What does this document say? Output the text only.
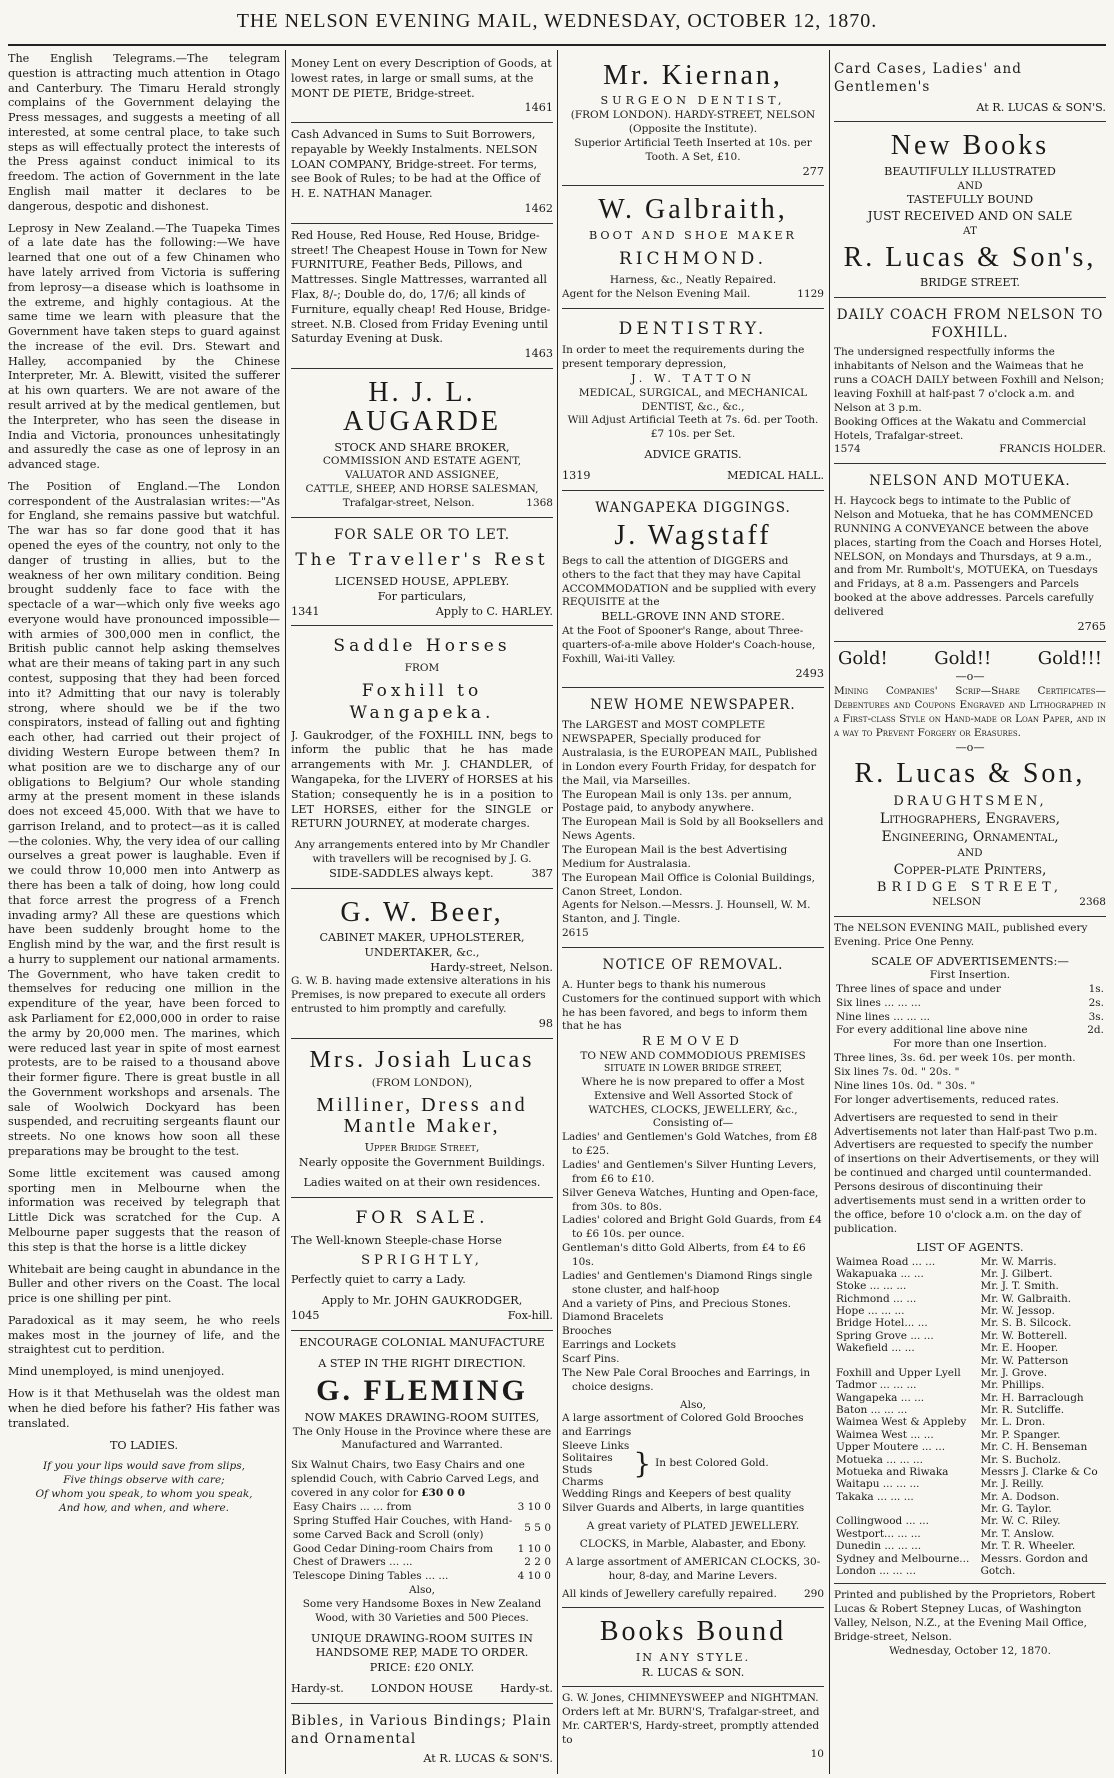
THE NELSON EVENING MAIL, WEDNESDAY, OCTOBER 12, 1870.

The English Telegrams.—The telegram question is attracting much attention in Otago and Canterbury. The Timaru Herald strongly complains of the Government delaying the Press messages, and suggests a meeting of all interested, at some central place, to take such steps as will effectually protect the interests of the Press against conduct inimical to its freedom. The action of Government in the late English mail matter it declares to be dangerous, despotic and dishonest.

Leprosy in New Zealand.—The Tuapeka Times of a late date has the following:—We have learned that one out of a few Chinamen who have lately arrived from Victoria is suffering from leprosy—a disease which is loathsome in the extreme, and highly contagious. At the same time we learn with pleasure that the Government have taken steps to guard against the increase of the evil. Drs. Stewart and Halley, accompanied by the Chinese Interpreter, Mr. A. Blewitt, visited the sufferer at his own quarters. We are not aware of the result arrived at by the medical gentlemen, but the Interpreter, who has seen the disease in India and Victoria, pronounces unhesitatingly and assuredly the case as one of leprosy in an advanced stage.

The Position of England.—The London correspondent of the Australasian writes:—"As for England, she remains passive but watchful. The war has so far done good that it has opened the eyes of the country, not only to the danger of trusting in allies, but to the weakness of her own military condition. Being brought suddenly face to face with the spectacle of a war—which only five weeks ago everyone would have pronounced impossible—with armies of 300,000 men in conflict, the British public cannot help asking themselves what are their means of taking part in any such contest, supposing that they had been forced into it? Admitting that our navy is tolerably strong, where should we be if the two conspirators, instead of falling out and fighting each other, had carried out their project of dividing Western Europe between them? In what position are we to discharge any of our obligations to Belgium? Our whole standing army at the present moment in these islands does not exceed 45,000. With that we have to garrison Ireland, and to protect—as it is called—the colonies. Why, the very idea of our calling ourselves a great power is laughable. Even if we could throw 10,000 men into Antwerp as there has been a talk of doing, how long could that force arrest the progress of a French invading army? All these are questions which have been suddenly brought home to the English mind by the war, and the first result is a hurry to supplement our national armaments. The Government, who have taken credit to themselves for reducing one million in the expenditure of the year, have been forced to ask Parliament for £2,000,000 in order to raise the army by 20,000 men. The marines, which were reduced last year in spite of most earnest protests, are to be raised to a thousand above their former figure. There is great bustle in all the Government workshops and arsenals. The sale of Woolwich Dockyard has been suspended, and recruiting sergeants flaunt our streets. No one knows how soon all these preparations may be brought to the test.

Some little excitement was caused among sporting men in Melbourne when the information was received by telegraph that Little Dick was scratched for the Cup. A Melbourne paper suggests that the reason of this step is that the horse is a little dickey

Whitebait are being caught in abundance in the Buller and other rivers on the Coast. The local price is one shilling per pint.

Paradoxical as it may seem, he who reels makes most in the journey of life, and the straightest cut to perdition.

Mind unemployed, is mind unenjoyed.

How is it that Methuselah was the oldest man when he died before his father? His father was translated.

TO LADIES.
If you your lips would save from slips,
Five things observe with care;
Of whom you speak, to whom you speak,
And how, and when, and where.
Money Lent on every Description of Goods, at lowest rates, in large or small sums, at the MONT DE PIETE, Bridge-street.
1461
Cash Advanced in Sums to Suit Borrowers, repayable by Weekly Instalments. NELSON LOAN COMPANY, Bridge-street. For terms, see Book of Rules; to be had at the Office of H. E. NATHAN Manager.
1462
Red House, Red House, Red House, Bridge-street! The Cheapest House in Town for New FURNITURE, Feather Beds, Pillows, and Mattresses. Single Mattresses, warranted all Flax, 8/-; Double do, do, 17/6; all kinds of Furniture, equally cheap! Red House, Bridge-street. N.B. Closed from Friday Evening until Saturday Evening at Dusk.
1463
H. J. L. AUGARDE
STOCK AND SHARE BROKER,
COMMISSION AND ESTATE AGENT,
VALUATOR AND ASSIGNEE,
CATTLE, SHEEP, AND HORSE SALESMAN,
Trafalgar-street, Nelson.	1368
FOR SALE OR TO LET.
The Traveller's Rest
LICENSED HOUSE, APPLEBY.
For particulars,
1341	Apply to C. HARLEY.
Saddle Horses
FROM
Foxhill to Wangapeka.

J. Gaukrodger, of the FOXHILL INN, begs to inform the public that he has made arrangements with Mr. J. CHANDLER, of Wangapeka, for the LIVERY of HORSES at his Station; consequently he is in a position to LET HORSES, either for the SINGLE or RETURN JOURNEY, at moderate charges.

Any arrangements entered into by Mr Chandler with travellers will be recognised by J. G.
SIDE-SADDLES always kept.	387
G. W. Beer,
CABINET MAKER, UPHOLSTERER,
UNDERTAKER, &c.,
Hardy-street, Nelson.
G. W. B. having made extensive alterations in his Premises, is now prepared to execute all orders entrusted to him promptly and carefully.
98
Mrs. Josiah Lucas
(FROM LONDON),
Milliner, Dress and Mantle Maker,
Upper Bridge Street,
Nearly opposite the Government Buildings.
Ladies waited on at their own residences.
FOR SALE.
The Well-known Steeple-chase Horse
SPRIGHTLY,
Perfectly quiet to carry a Lady.
Apply to Mr. JOHN GAUKRODGER,
1045	Fox-hill.
ENCOURAGE COLONIAL MANUFACTURE
A STEP IN THE RIGHT DIRECTION.
G. FLEMING
NOW MAKES DRAWING-ROOM SUITES,
The Only House in the Province where these are Manufactured and Warranted.
Six Walnut Chairs, two Easy Chairs and one splendid Couch, with Cabrio Carved Legs, and covered in any color for £30 0 0
Easy Chairs ... ... from	3 10 0
Spring Stuffed Hair Couches, with Hand-some Carved Back and Scroll (only)	5 5 0
Good Cedar Dining-room Chairs from	1 10 0
Chest of Drawers ... ...	2 2 0
Telescope Dining Tables ... ...	4 10 0
Also,
Some very Handsome Boxes in New Zealand Wood, with 30 Varieties and 500 Pieces.
UNIQUE DRAWING-ROOM SUITES IN HANDSOME REP, MADE TO ORDER.
PRICE: £20 ONLY.
Hardy-st. LONDON HOUSE Hardy-st.
Bibles, in Various Bindings; Plain and Ornamental
At R. LUCAS & SON'S.
Mr. Kiernan,
SURGEON DENTIST,
(FROM LONDON). HARDY-STREET, NELSON
(Opposite the Institute).
Superior Artificial Teeth Inserted at 10s. per Tooth. A Set, £10.
277
W. Galbraith,
BOOT AND SHOE MAKER
RICHMOND.
Harness, &c., Neatly Repaired.
Agent for the Nelson Evening Mail.	1129
DENTISTRY.
In order to meet the requirements during the present temporary depression,
J. W. TATTON
MEDICAL, SURGICAL, and MECHANICAL DENTIST, &c., &c.,
Will Adjust Artificial Teeth at 7s. 6d. per Tooth. £7 10s. per Set.
ADVICE GRATIS.
1319	MEDICAL HALL.
WANGAPEKA DIGGINGS.
J. Wagstaff
Begs to call the attention of DIGGERS and others to the fact that they may have Capital ACCOMMODATION and be supplied with every REQUISITE at the
BELL-GROVE INN AND STORE.
At the Foot of Spooner's Range, about Three-quarters-of-a-mile above Holder's Coach-house, Foxhill, Wai-iti Valley.
2493
NEW HOME NEWSPAPER.
The LARGEST and MOST COMPLETE NEWSPAPER, Specially produced for Australasia, is the EUROPEAN MAIL, Published in London every Fourth Friday, for despatch for the Mail, via Marseilles.
The European Mail is only 13s. per annum, Postage paid, to anybody anywhere.
The European Mail is Sold by all Booksellers and News Agents.
The European Mail is the best Advertising Medium for Australasia.
The European Mail Office is Colonial Buildings, Canon Street, London.
Agents for Nelson.—Messrs. J. Hounsell, W. M. Stanton, and J. Tingle.
2615
NOTICE OF REMOVAL.
A. Hunter begs to thank his numerous Customers for the continued support with which he has been favored, and begs to inform them that he has
REMOVED
TO NEW AND COMMODIOUS PREMISES
SITUATE IN LOWER BRIDGE STREET,
Where he is now prepared to offer a Most Extensive and Well Assorted Stock of
WATCHES, CLOCKS, JEWELLERY, &c.,
Consisting of—
Ladies' and Gentlemen's Gold Watches, from £8 to £25.
Ladies' and Gentlemen's Silver Hunting Levers, from £6 to £10.
Silver Geneva Watches, Hunting and Open-face, from 30s. to 80s.
Ladies' colored and Bright Gold Guards, from £4 to £6 10s. per ounce.
Gentleman's ditto Gold Alberts, from £4 to £6 10s.
Ladies' and Gentlemen's Diamond Rings single stone cluster, and half-hoop
And a variety of Pins, and Precious Stones.
Diamond Bracelets
Brooches
Earrings and Lockets
Scarf Pins.
The New Pale Coral Brooches and Earrings, in choice designs.
Also,
A large assortment of Colored Gold Brooches and Earrings
Sleeve Links
Solitaires
Studs
Charms
} In best Colored Gold.
Wedding Rings and Keepers of best quality Silver Guards and Alberts, in large quantities
A great variety of PLATED JEWELLERY.
CLOCKS, in Marble, Alabaster, and Ebony.
A large assortment of AMERICAN CLOCKS, 30-hour, 8-day, and Marine Levers.
All kinds of Jewellery carefully repaired.	290
Books Bound
IN ANY STYLE.
R. LUCAS & SON.
G. W. Jones, CHIMNEYSWEEP and NIGHTMAN. Orders left at Mr. BURN'S, Trafalgar-street, and Mr. CARTER'S, Hardy-street, promptly attended to
10
Card Cases, Ladies' and Gentlemen's
At R. LUCAS & SON'S.
New Books
BEAUTIFULLY ILLUSTRATED
AND
TASTEFULLY BOUND
JUST RECEIVED AND ON SALE
AT
R. Lucas & Son's,
BRIDGE STREET.
DAILY COACH FROM NELSON TO FOXHILL.
The undersigned respectfully informs the inhabitants of Nelson and the Waimeas that he runs a COACH DAILY between Foxhill and Nelson; leaving Foxhill at half-past 7 o'clock a.m. and Nelson at 3 p.m.
Booking Offices at the Wakatu and Commercial Hotels, Trafalgar-street.
1574	FRANCIS HOLDER.
NELSON AND MOTUEKA.
H. Haycock begs to intimate to the Public of Nelson and Motueka, that he has COMMENCED RUNNING A CONVEYANCE between the above places, starting from the Coach and Horses Hotel, NELSON, on Mondays and Thursdays, at 9 a.m., and from Mr. Rumbolt's, MOTUEKA, on Tuesdays and Fridays, at 8 a.m. Passengers and Parcels booked at the above addresses. Parcels carefully delivered
2765
Gold!	Gold!!	Gold!!!
—o—
Mining Companies' Scrip—Share Certificates—Debentures and Coupons Engraved and Lithographed in a First-class Style on Hand-made or Loan Paper, and in a way to Prevent Forgery or Erasures.
—o—
R. Lucas & Son,
DRAUGHTSMEN,
Lithographers, Engravers,
Engineering, Ornamental,
AND
Copper-plate Printers,
BRIDGE STREET,
NELSON	2368
The NELSON EVENING MAIL, published every Evening. Price One Penny.
SCALE OF ADVERTISEMENTS:—
First Insertion.
Three lines of space and under	1s.
Six lines ... ... ...	2s.
Nine lines ... ... ...	3s.
For every additional line above nine	2d.
For more than one Insertion.
Three lines, 3s. 6d. per week 10s. per month.
Six lines 7s. 0d. " 20s. "
Nine lines 10s. 0d. " 30s. "
For longer advertisements, reduced rates.
Advertisers are requested to send in their Advertisements not later than Half-past Two p.m.
Advertisers are requested to specify the number of insertions on their Advertisements, or they will be continued and charged until countermanded.
Persons desirous of discontinuing their advertisements must send in a written order to the office, before 10 o'clock a.m. on the day of publication.
LIST OF AGENTS.
Waimea Road ... ...	Mr. W. Marris.
Wakapuaka ... ...	Mr. J. Gilbert.
Stoke ... ... ...	Mr. J. T. Smith.
Richmond ... ...	Mr. W. Galbraith.
Hope ... ... ...	Mr. W. Jessop.
Bridge Hotel... ...	Mr. S. B. Silcock.
Spring Grove ... ...	Mr. W. Botterell.
Wakefield ... ...	Mr. E. Hooper.
	Mr. W. Patterson
Foxhill and Upper Lyell	Mr. J. Grove.
Tadmor ... ... ...	Mr. Phillips.
Wangapeka ... ...	Mr. H. Barraclough
Baton ... ... ...	Mr. R. Sutcliffe.
Waimea West & Appleby	Mr. L. Dron.
Waimea West ... ...	Mr. P. Spanger.
Upper Moutere ... ...	Mr. C. H. Benseman
Motueka ... ... ...	Mr. S. Bucholz.
Motueka and Riwaka	Messrs J. Clarke & Co
Waitapu ... ... ...	Mr. J. Reilly.
Takaka ... ... ...	Mr. A. Dodson.
	Mr. G. Taylor.
Collingwood ... ...	Mr. W. C. Riley.
Westport... ... ...	Mr. T. Anslow.
Dunedin ... ... ...	Mr. T. R. Wheeler.
Sydney and Melbourne...	Messrs. Gordon and
London ... ... ...	Gotch.
Printed and published by the Proprietors, Robert Lucas & Robert Stepney Lucas, of Washington Valley, Nelson, N.Z., at the Evening Mail Office, Bridge-street, Nelson.
Wednesday, October 12, 1870.
